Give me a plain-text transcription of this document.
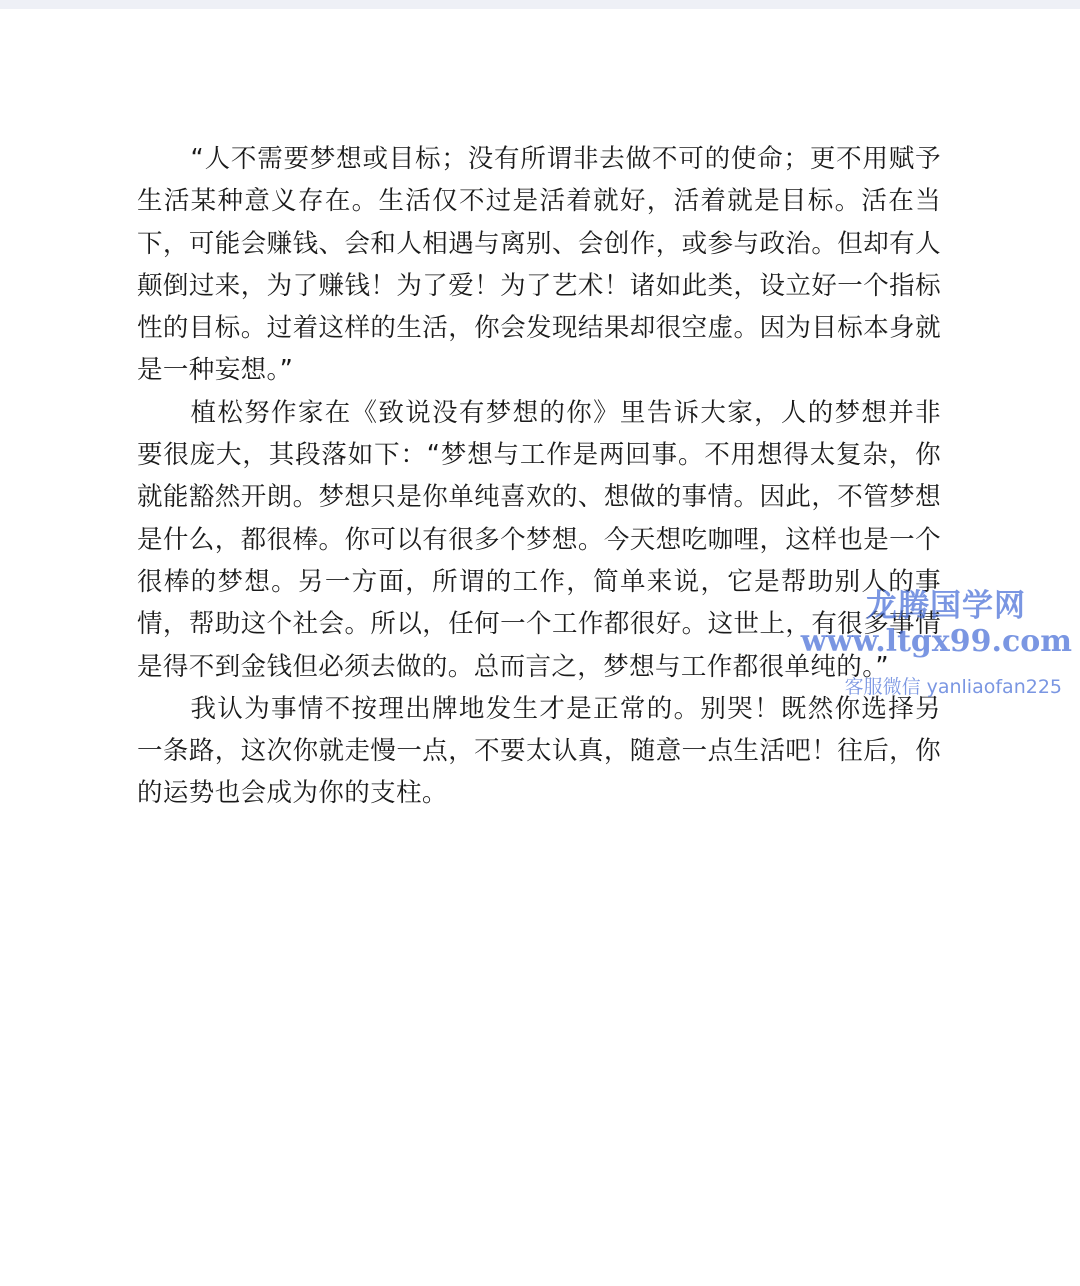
“人不需要梦想或目标；没有所谓非去做不可的使命；更不用赋予生活某种意义存在。生活仅不过是活着就好，活着就是目标。活在当下，可能会赚钱、会和人相遇与离别、会创作，或参与政治。但却有人颠倒过来，为了赚钱！为了爱！为了艺术！诸如此类，设立好一个指标性的目标。过着这样的生活，你会发现结果却很空虚。因为目标本身就是一种妄想。”

植松努作家在《致说没有梦想的你》里告诉大家，人的梦想并非要很庞大，其段落如下：“梦想与工作是两回事。不用想得太复杂，你就能豁然开朗。梦想只是你单纯喜欢的、想做的事情。因此，不管梦想是什么，都很棒。你可以有很多个梦想。今天想吃咖哩，这样也是一个很棒的梦想。另一方面，所谓的工作，简单来说，它是帮助别人的事情，帮助这个社会。所以，任何一个工作都很好。这世上，有很多事情是得不到金钱但必须去做的。总而言之，梦想与工作都很单纯的。”

我认为事情不按理出牌地发生才是正常的。别哭！既然你选择另一条路，这次你就走慢一点，不要太认真，随意一点生活吧！往后，你的运势也会成为你的支柱。

龙腾国学网
www.ltgx99.com
客服微信 yanliaofan225
